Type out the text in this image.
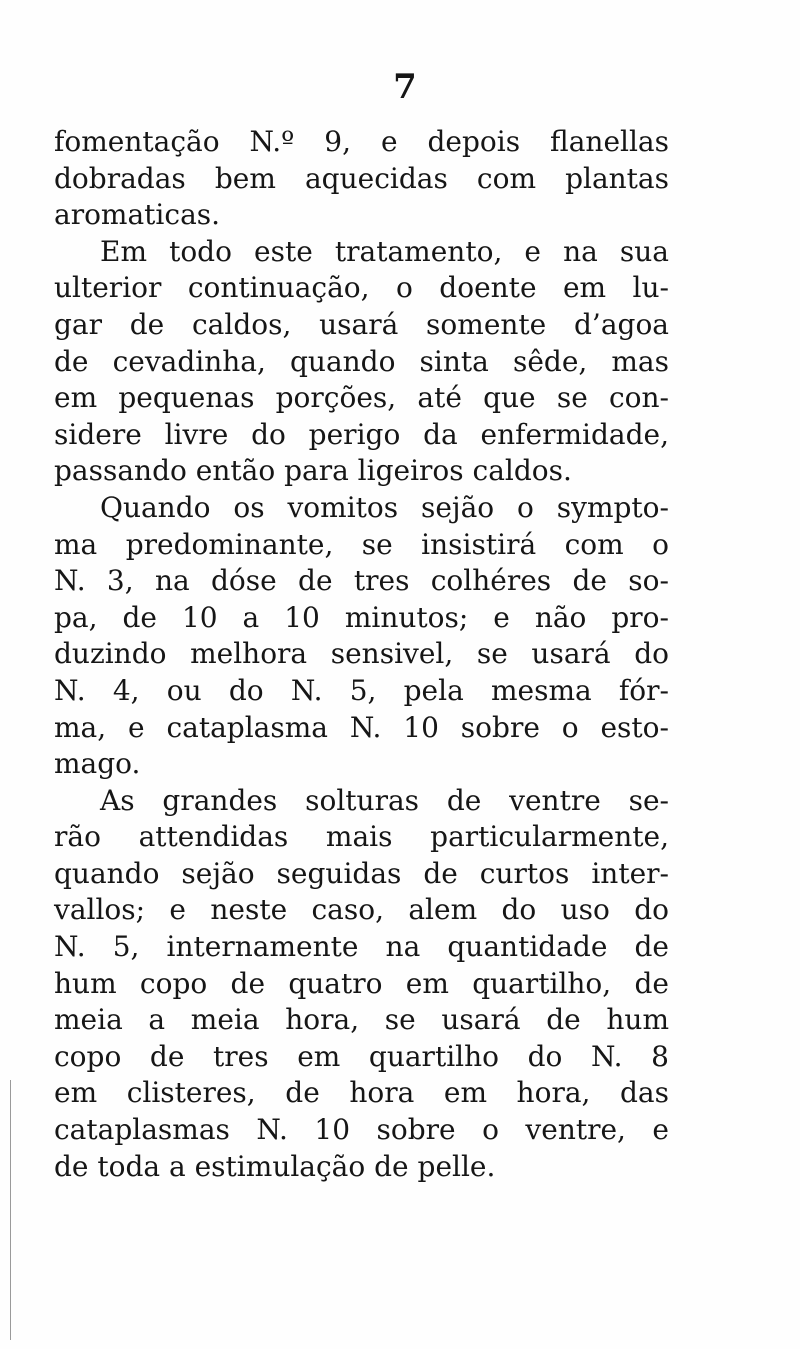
7
fomentação N.º 9, e depois flanellas
dobradas bem aquecidas com plantas
aromaticas.
Em todo este tratamento, e na sua
ulterior continuação, o doente em lu-
gar de caldos, usará somente d’agoa
de cevadinha, quando sinta sêde, mas
em pequenas porções, até que se con-
sidere livre do perigo da enfermidade,
passando então para ligeiros caldos.
Quando os vomitos sejão o sympto-
ma predominante, se insistirá com o
N. 3, na dóse de tres colhéres de so-
pa, de 10 a 10 minutos; e não pro-
duzindo melhora sensivel, se usará do
N. 4, ou do N. 5, pela mesma fór-
ma, e cataplasma N. 10 sobre o esto-
mago.
As grandes solturas de ventre se-
rão attendidas mais particularmente,
quando sejão seguidas de curtos inter-
vallos; e neste caso, alem do uso do
N. 5, internamente na quantidade de
hum copo de quatro em quartilho, de
meia a meia hora, se usará de hum
copo de tres em quartilho do N. 8
em clisteres, de hora em hora, das
cataplasmas N. 10 sobre o ventre, e
de toda a estimulação de pelle.
